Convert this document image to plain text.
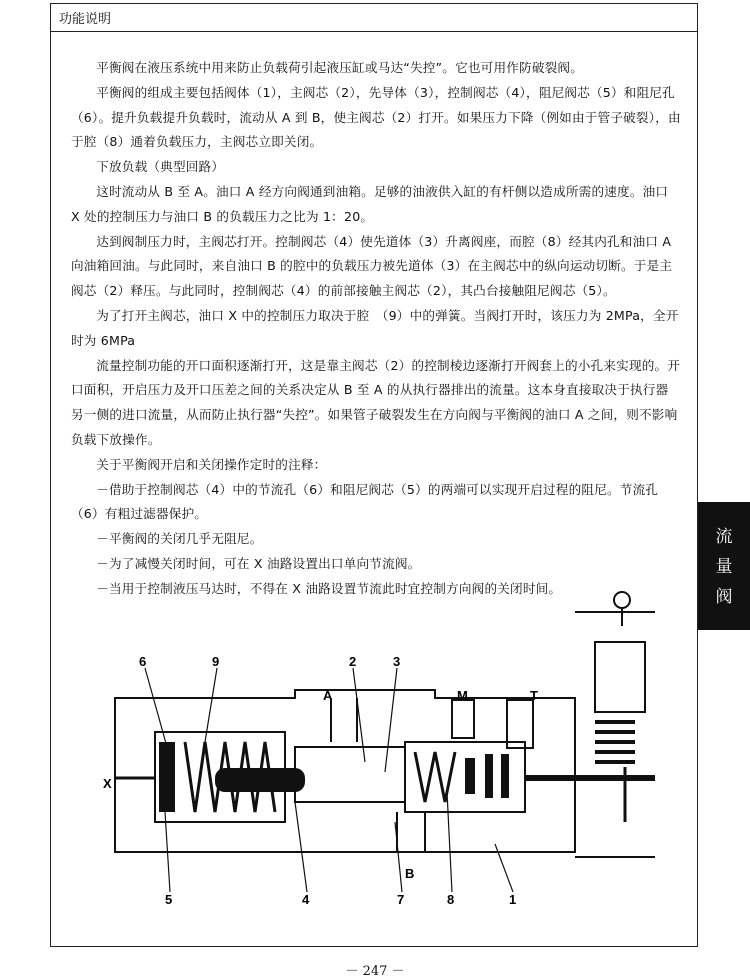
功能说明

平衡阀在液压系统中用来防止负载荷引起液压缸或马达“失控”。它也可用作防破裂阀。

平衡阀的组成主要包括阀体（1），主阀芯（2），先导体（3），控制阀芯（4），阻尼阀芯（5）和阻尼孔（6）。提升负载提升负载时，流动从 A 到 B，使主阀芯（2）打开。如果压力下降（例如由于管子破裂），由于腔（8）通着负载压力，主阀芯立即关闭。

下放负载（典型回路）

这时流动从 B 至 A。油口 A 经方向阀通到油箱。足够的油液供入缸的有杆侧以造成所需的速度。油口 X 处的控制压力与油口 B 的负载压力之比为 1：20。

达到阀制压力时，主阀芯打开。控制阀芯（4）使先道体（3）升离阀座，而腔（8）经其内孔和油口 A 向油箱回油。与此同时，来自油口 B 的腔中的负载压力被先道体（3）在主阀芯中的纵向运动切断。于是主阀芯（2）释压。与此同时，控制阀芯（4）的前部接触主阀芯（2），其凸台接触阻尼阀芯（5）。

为了打开主阀芯，油口 X 中的控制压力取决于腔　（9）中的弹簧。当阀打开时，该压力为 2MPa，全开时为 6MPa

流量控制功能的开口面积逐渐打开，这是靠主阀芯（2）的控制棱边逐渐打开阀套上的小孔来实现的。开口面积，开启压力及开口压差之间的关系决定从 B 至 A 的从执行器排出的流量。这本身直接取决于执行器另一侧的进口流量，从而防止执行器“失控”。如果管子破裂发生在方向阀与平衡阀的油口 A 之间，则不影响负载下放操作。

关于平衡阀开启和关闭操作定时的注释：

－借助于控制阀芯（4）中的节流孔（6）和阻尼阀芯（5）的两端可以实现开启过程的阻尼。节流孔（6）有粗过滤器保护。

－平衡阀的关闭几乎无阻尼。

－为了减慢关闭时间，可在 X 油路设置出口单向节流阀。

－当用于控制液压马达时，不得在 X 油路设置节流此时宜控制方向阀的关闭时间。

流
量
阀
6	9	2	3
A	M	T
X
B
5	4	7	8	1
－ 247 －
